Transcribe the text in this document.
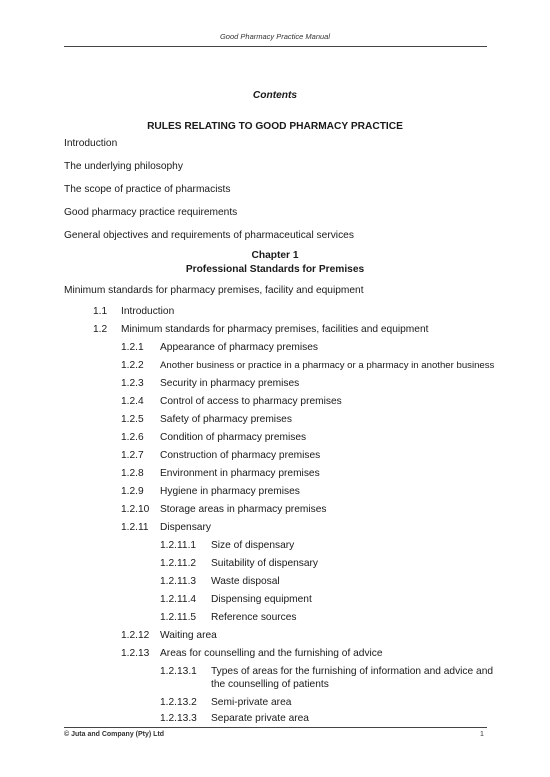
Good Pharmacy Practice Manual
Contents
RULES RELATING TO GOOD PHARMACY PRACTICE
Introduction
The underlying philosophy
The scope of practice of pharmacists
Good pharmacy practice requirements
General objectives and requirements of pharmaceutical services
Chapter 1
Professional Standards for Premises
Minimum standards for pharmacy premises, facility and equipment
1.1 Introduction
1.2 Minimum standards for pharmacy premises, facilities and equipment
1.2.1 Appearance of pharmacy premises
1.2.2 Another business or practice in a pharmacy or a pharmacy in another business
1.2.3 Security in pharmacy premises
1.2.4 Control of access to pharmacy premises
1.2.5 Safety of pharmacy premises
1.2.6 Condition of pharmacy premises
1.2.7 Construction of pharmacy premises
1.2.8 Environment in pharmacy premises
1.2.9 Hygiene in pharmacy premises
1.2.10 Storage areas in pharmacy premises
1.2.11 Dispensary
1.2.11.1 Size of dispensary
1.2.11.2 Suitability of dispensary
1.2.11.3 Waste disposal
1.2.11.4 Dispensing equipment
1.2.11.5 Reference sources
1.2.12 Waiting area
1.2.13 Areas for counselling and the furnishing of advice
1.2.13.1 Types of areas for the furnishing of information and advice and
the counselling of patients
1.2.13.2 Semi-private area
1.2.13.3 Separate private area
© Juta and Company (Pty) Ltd	1
